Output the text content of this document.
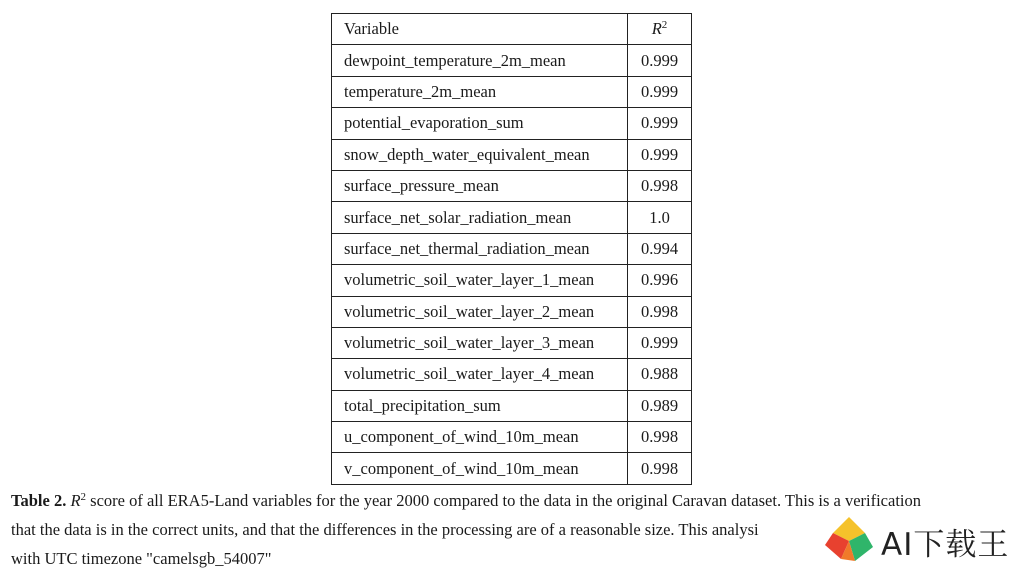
Variable	$R^2$
dewpoint_temperature_2m_mean	0.999
temperature_2m_mean	0.999
potential_evaporation_sum	0.999
snow_depth_water_equivalent_mean	0.999
surface_pressure_mean	0.998
surface_net_solar_radiation_mean	1.0
surface_net_thermal_radiation_mean	0.994
volumetric_soil_water_layer_1_mean	0.996
volumetric_soil_water_layer_2_mean	0.998
volumetric_soil_water_layer_3_mean	0.999
volumetric_soil_water_layer_4_mean	0.988
total_precipitation_sum	0.989
u_component_of_wind_10m_mean	0.998
v_component_of_wind_10m_mean	0.998
Table 2. $R^2$ score of all ERA5-Land variables for the year 2000 compared to the data in the original Caravan dataset. This is a verification
that the data is in the correct units, and that the differences in the processing are of a reasonable size. This analysi
with UTC timezone "camelsgb_54007"	AI下载王
